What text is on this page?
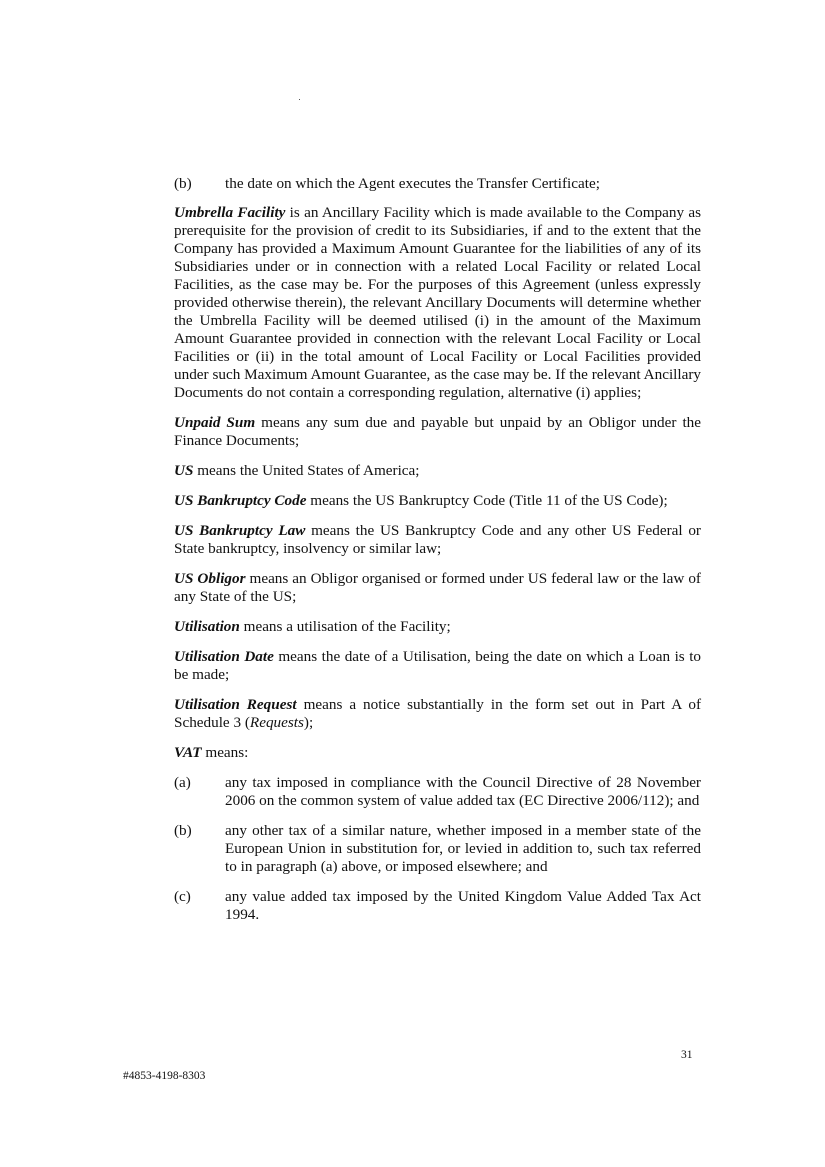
(b)	the date on which the Agent executes the Transfer Certificate;

Umbrella Facility is an Ancillary Facility which is made available to the Company as prerequisite for the provision of credit to its Subsidiaries, if and to the extent that the Company has provided a Maximum Amount Guarantee for the liabilities of any of its Subsidiaries under or in connection with a related Local Facility or related Local Facilities, as the case may be. For the purposes of this Agreement (unless expressly provided otherwise therein), the relevant Ancillary Documents will determine whether the Umbrella Facility will be deemed utilised (i) in the amount of the Maximum Amount Guarantee provided in connection with the relevant Local Facility or Local Facilities or (ii) in the total amount of Local Facility or Local Facilities provided under such Maximum Amount Guarantee, as the case may be. If the relevant Ancillary Documents do not contain a corresponding regulation, alternative (i) applies;

Unpaid Sum means any sum due and payable but unpaid by an Obligor under the Finance Documents;

US means the United States of America;

US Bankruptcy Code means the US Bankruptcy Code (Title 11 of the US Code);

US Bankruptcy Law means the US Bankruptcy Code and any other US Federal or State bankruptcy, insolvency or similar law;

US Obligor means an Obligor organised or formed under US federal law or the law of any State of the US;

Utilisation means a utilisation of the Facility;

Utilisation Date means the date of a Utilisation, being the date on which a Loan is to be made;

Utilisation Request means a notice substantially in the form set out in Part A of Schedule 3 (Requests);

VAT means:

(a)	any tax imposed in compliance with the Council Directive of 28 November 2006 on the common system of value added tax (EC Directive 2006/112); and
(b)	any other tax of a similar nature, whether imposed in a member state of the European Union in substitution for, or levied in addition to, such tax referred to in paragraph (a) above, or imposed elsewhere; and
(c)	any value added tax imposed by the United Kingdom Value Added Tax Act 1994.
31
#4853-4198-8303
